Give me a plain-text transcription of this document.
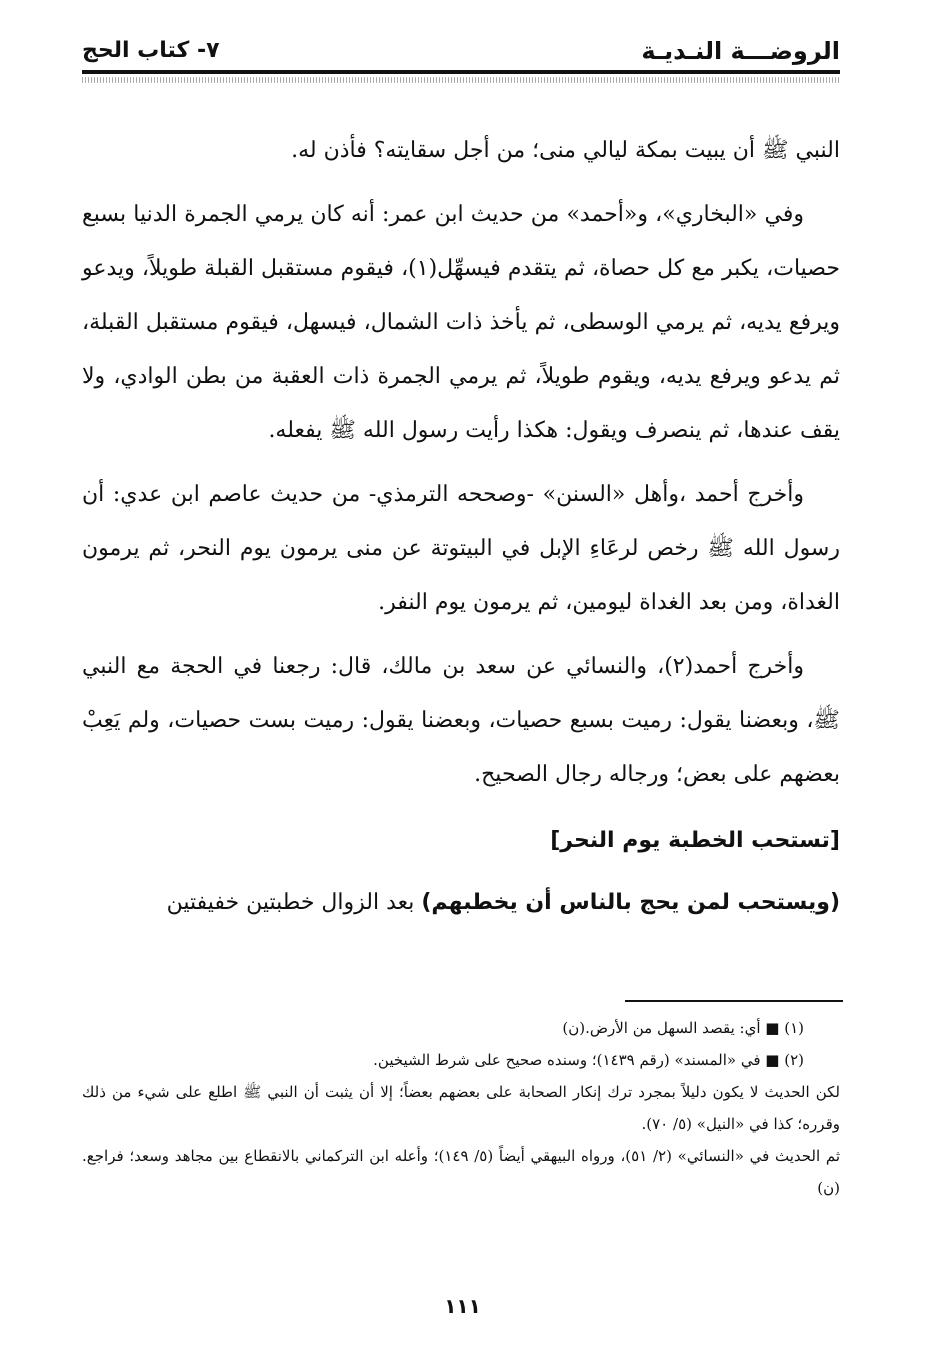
الروضـــة النـديـة
٧- كتاب الحج

النبي ﷺ أن يبيت بمكة ليالي منى؛ من أجل سقايته؟ فأذن له.

وفي «البخاري»، و«أحمد» من حديث ابن عمر: أنه كان يرمي الجمرة الدنيا بسبع حصيات، يكبر مع كل حصاة، ثم يتقدم فيسهِّل(١)، فيقوم مستقبل القبلة طويلاً، ويدعو ويرفع يديه، ثم يرمي الوسطى، ثم يأخذ ذات الشمال، فيسهل، فيقوم مستقبل القبلة، ثم يدعو ويرفع يديه، ويقوم طويلاً، ثم يرمي الجمرة ذات العقبة من بطن الوادي، ولا يقف عندها، ثم ينصرف ويقول: هكذا رأيت رسول الله ﷺ يفعله.

وأخرج أحمد ،وأهل «السنن» -وصححه الترمذي- من حديث عاصم ابن عدي: أن رسول الله ﷺ رخص لرعَاءِ الإبل في البيتوتة عن منى يرمون يوم النحر، ثم يرمون الغداة، ومن بعد الغداة ليومين، ثم يرمون يوم النفر.

وأخرج أحمد(٢)، والنسائي عن سعد بن مالك، قال: رجعنا في الحجة مع النبي ﷺ، وبعضنا يقول: رميت بسبع حصيات، وبعضنا يقول: رميت بست حصيات، ولم يَعِبْ بعضهم على بعض؛ ورجاله رجال الصحيح.

[تستحب الخطبة يوم النحر]

(ويستحب لمن يحج بالناس أن يخطبهم) بعد الزوال خطبتين خفيفتين

(١) ■ أي: يقصد السهل من الأرض.(ن)

(٢) ■ في «المسند» (رقم ١٤٣٩)؛ وسنده صحيح على شرط الشيخين.

لكن الحديث لا يكون دليلاً بمجرد ترك إنكار الصحابة على بعضهم بعضاً؛ إلا أن يثبت أن النبي ﷺ اطلع على شيء من ذلك وقرره؛ كذا في «النيل» (٥/ ٧٠).

ثم الحديث في «النسائي» (٢/ ٥١)، ورواه البيهقي أيضاً (٥/ ١٤٩)؛ وأعله ابن التركماني بالانقطاع بين مجاهد وسعد؛ فراجع.(ن)

١١١
